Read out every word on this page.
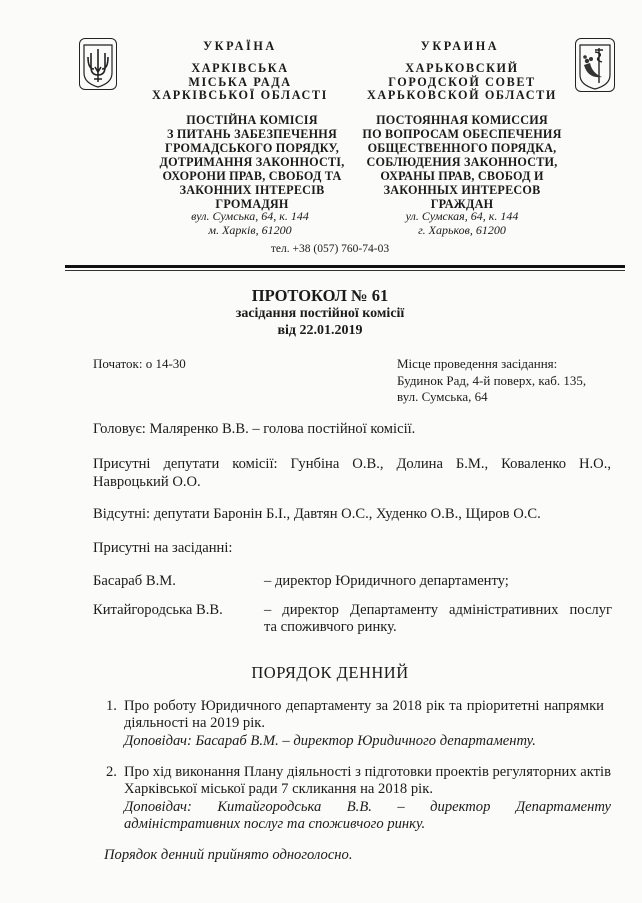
УКРАЇНА
ХАРКІВСЬКА
МІСЬКА РАДА
ХАРКІВСЬКОЇ ОБЛАСТІ
ПОСТІЙНА КОМІСІЯ
З ПИТАНЬ ЗАБЕЗПЕЧЕННЯ
ГРОМАДСЬКОГО ПОРЯДКУ,
ДОТРИМАННЯ ЗАКОННОСТІ,
ОХОРОНИ ПРАВ, СВОБОД ТА
ЗАКОННИХ ІНТЕРЕСІВ ГРОМАДЯН
вул. Сумська, 64, к. 144
м. Харків, 61200
УКРАИНА
ХАРЬКОВСКИЙ
ГОРОДСКОЙ СОВЕТ
ХАРЬКОВСКОЙ ОБЛАСТИ
ПОСТОЯННАЯ КОМИССИЯ
ПО ВОПРОСАМ ОБЕСПЕЧЕНИЯ
ОБЩЕСТВЕННОГО ПОРЯДКА,
СОБЛЮДЕНИЯ ЗАКОННОСТИ,
ОХРАНЫ ПРАВ, СВОБОД И
ЗАКОННЫХ ИНТЕРЕСОВ ГРАЖДАН
ул. Сумская, 64, к. 144
г. Харьков, 61200
тел. +38 (057) 760-74-03
ПРОТОКОЛ № 61
засідання постійної комісії
від 22.01.2019
Початок: о 14-30	Місце проведення засідання:
Будинок Рад, 4-й поверх, каб. 135,
вул. Сумська, 64
Головує: Маляренко В.В. – голова постійної комісії.
Присутні депутати комісії: Гунбіна О.В., Долина Б.М., Коваленко Н.О.,
Навроцький О.О.
Відсутні: депутати Баронін Б.І., Давтян О.С., Худенко О.В., Щиров О.С.
Присутні на засіданні:
Басараб В.М.	– директор Юридичного департаменту;
Китайгородська В.В.	– директор Департаменту адміністративних послуг
та споживчого ринку.
ПОРЯДОК ДЕННИЙ
1. Про роботу Юридичного департаменту за 2018 рік та пріоритетні напрямки
діяльності на 2019 рік.
Доповідач: Басараб В.М. – директор Юридичного департаменту.
2. Про хід виконання Плану діяльності з підготовки проектів регуляторних актів
Харківської міської ради 7 скликання на 2018 рік.
Доповідач: Китайгородська В.В. – директор Департаменту
адміністративних послуг та споживчого ринку.
Порядок денний прийнято одноголосно.
